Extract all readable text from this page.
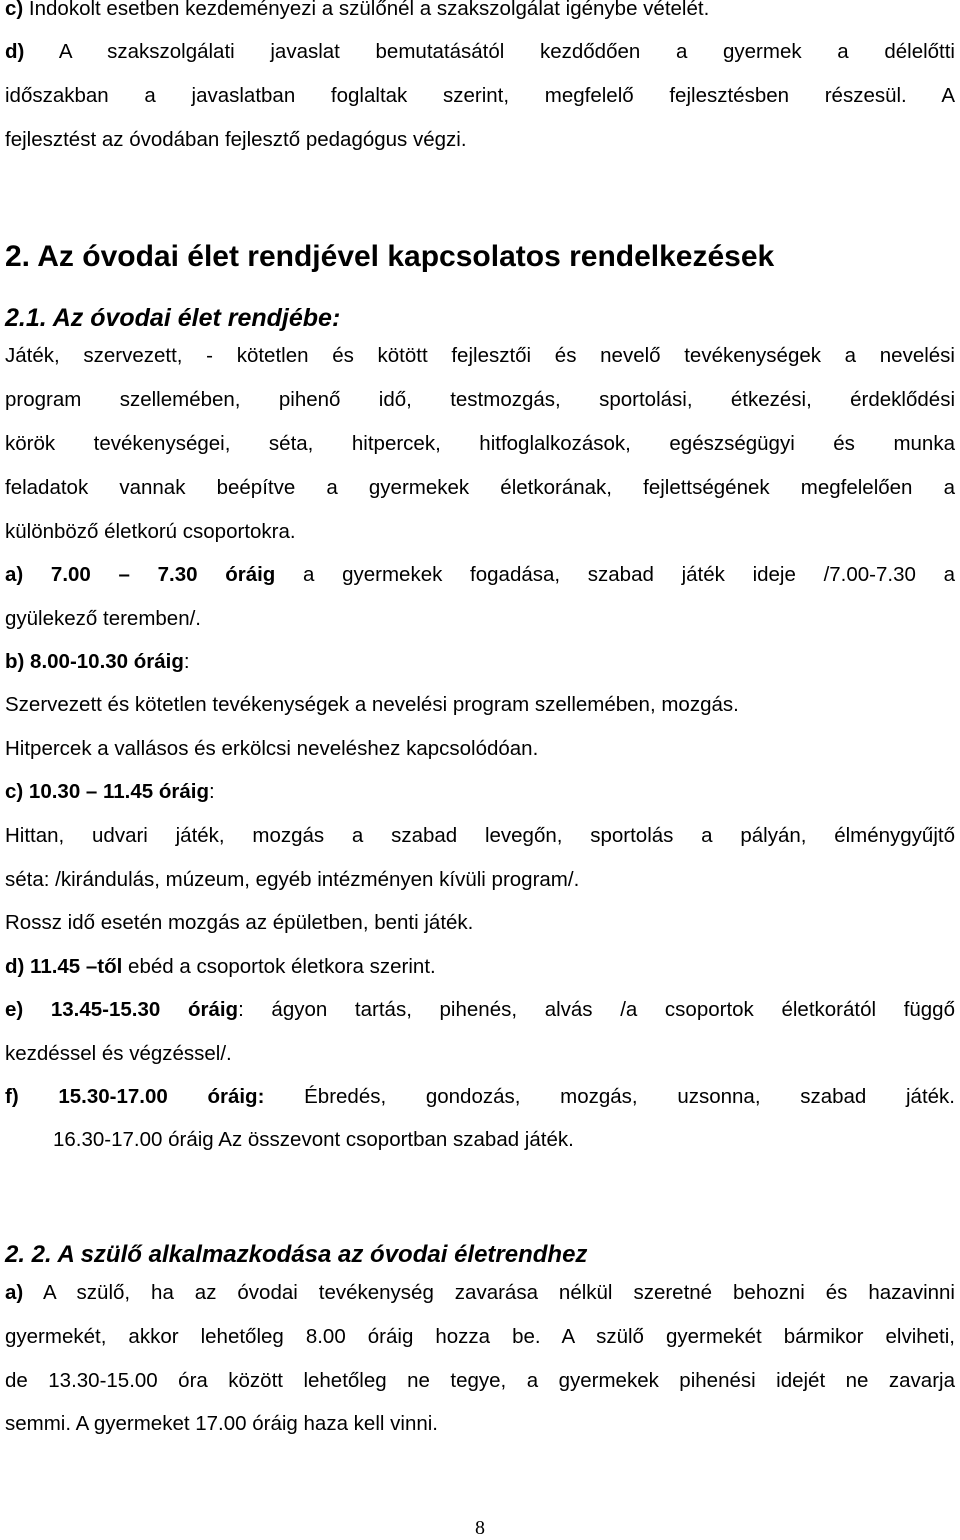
c) Indokolt esetben kezdeményezi a szülőnél a szakszolgálat igénybe vételét.
d) A szakszolgálati javaslat bemutatásától kezdődően a gyermek a délelőtti
időszakban a javaslatban foglaltak szerint, megfelelő fejlesztésben részesül. A
fejlesztést az óvodában fejlesztő pedagógus végzi.
2. Az óvodai élet rendjével kapcsolatos rendelkezések
2.1. Az óvodai élet rendjébe:
Játék, szervezett, - kötetlen és kötött fejlesztői és nevelő tevékenységek a nevelési
program szellemében, pihenő idő, testmozgás, sportolási, étkezési, érdeklődési
körök tevékenységei, séta, hitpercek, hitfoglalkozások, egészségügyi és munka
feladatok vannak beépítve a gyermekek életkorának, fejlettségének megfelelően a
különböző életkorú csoportokra.
a) 7.00 – 7.30 óráig a gyermekek fogadása, szabad játék ideje /7.00-7.30 a
gyülekező teremben/.
b) 8.00-10.30 óráig:
Szervezett és kötetlen tevékenységek a nevelési program szellemében, mozgás.
Hitpercek a vallásos és erkölcsi neveléshez kapcsolódóan.
c) 10.30 – 11.45 óráig:
Hittan, udvari játék, mozgás a szabad levegőn, sportolás a pályán, élménygyűjtő
séta: /kirándulás, múzeum, egyéb intézményen kívüli program/.
Rossz idő esetén mozgás az épületben, benti játék.
d) 11.45 –től ebéd a csoportok életkora szerint.
e) 13.45-15.30 óráig: ágyon tartás, pihenés, alvás /a csoportok életkorától függő
kezdéssel és végzéssel/.
f) 15.30-17.00 óráig: Ébredés, gondozás, mozgás, uzsonna, szabad játék.
16.30-17.00 óráig Az összevont csoportban szabad játék.
2. 2. A szülő alkalmazkodása az óvodai életrendhez
a) A szülő, ha az óvodai tevékenység zavarása nélkül szeretné behozni és hazavinni
gyermekét, akkor lehetőleg 8.00 óráig hozza be. A szülő gyermekét bármikor elviheti,
de 13.30-15.00 óra között lehetőleg ne tegye, a gyermekek pihenési idejét ne zavarja
semmi. A gyermeket 17.00 óráig haza kell vinni.
8
